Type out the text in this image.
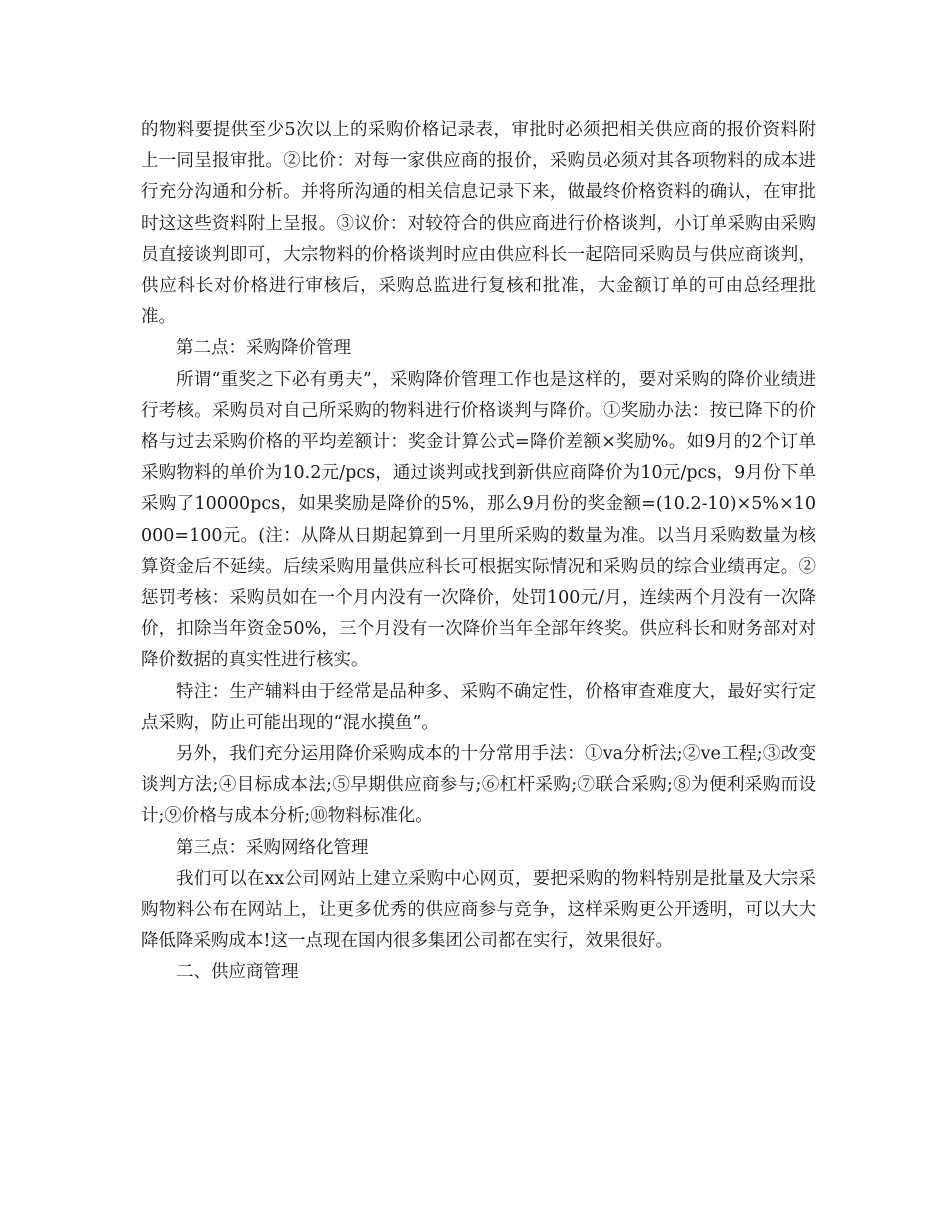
的物料要提供至少5次以上的采购价格记录表，审批时必须把相关供应商的报价资料附上一同呈报审批。②比价：对每一家供应商的报价，采购员必须对其各项物料的成本进行充分沟通和分析。并将所沟通的相关信息记录下来，做最终价格资料的确认，在审批时这这些资料附上呈报。③议价：对较符合的供应商进行价格谈判，小订单采购由采购员直接谈判即可，大宗物料的价格谈判时应由供应科长一起陪同采购员与供应商谈判，供应科长对价格进行审核后，采购总监进行复核和批准，大金额订单的可由总经理批准。

第二点：采购降价管理

所谓“重奖之下必有勇夫”，采购降价管理工作也是这样的，要对采购的降价业绩进行考核。采购员对自己所采购的物料进行价格谈判与降价。①奖励办法：按已降下的价格与过去采购价格的平均差额计：奖金计算公式=降价差额×奖励%。如9月的2个订单采购物料的单价为10.2元/pcs，通过谈判或找到新供应商降价为10元/pcs，9月份下单采购了10000pcs，如果奖励是降价的5%，那么9月份的奖金额=(10.2-10)×5%×10000=100元。(注：从降从日期起算到一月里所采购的数量为准。以当月采购数量为核算资金后不延续。后续采购用量供应科长可根据实际情况和采购员的综合业绩再定。②惩罚考核：采购员如在一个月内没有一次降价，处罚100元/月，连续两个月没有一次降价，扣除当年资金50%，三个月没有一次降价当年全部年终奖。供应科长和财务部对对降价数据的真实性进行核实。

特注：生产辅料由于经常是品种多、采购不确定性，价格审查难度大，最好实行定点采购，防止可能出现的“混水摸鱼”。

另外，我们充分运用降价采购成本的十分常用手法：①va分析法;②ve工程;③改变谈判方法;④目标成本法;⑤早期供应商参与;⑥杠杆采购;⑦联合采购;⑧为便利采购而设计;⑨价格与成本分析;⑩物料标准化。

第三点：采购网络化管理

我们可以在xx公司网站上建立采购中心网页，要把采购的物料特别是批量及大宗采购物料公布在网站上，让更多优秀的供应商参与竞争，这样采购更公开透明，可以大大降低降采购成本!这一点现在国内很多集团公司都在实行，效果很好。

二、供应商管理
